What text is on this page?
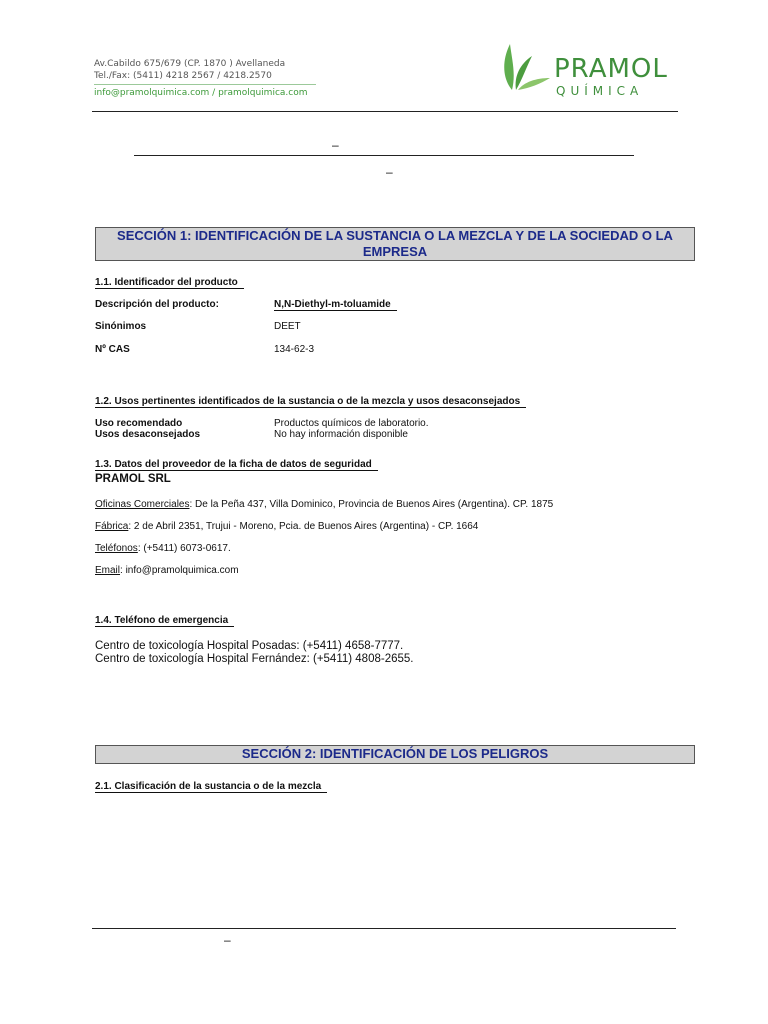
Av.Cabildo 675/679 (CP. 1870 ) Avellaneda
Tel./Fax: (5411) 4218 2567 / 4218.2570
info@pramolquimica.com / pramolquimica.com
PRAMOL
QUÍMICA
–
–
SECCIÓN 1: IDENTIFICACIÓN DE LA SUSTANCIA O LA MEZCLA Y DE LA SOCIEDAD O LA
EMPRESA
1.1. Identificador del producto
Descripción del producto:	N,N-Diethyl-m-toluamide
Sinónimos	DEET
Nº CAS	134-62-3
1.2. Usos pertinentes identificados de la sustancia o de la mezcla y usos desaconsejados
Uso recomendado	Productos químicos de laboratorio.
Usos desaconsejados	No hay información disponible
1.3. Datos del proveedor de la ficha de datos de seguridad
PRAMOL SRL
Oficinas Comerciales: De la Peña 437, Villa Dominico, Provincia de Buenos Aires (Argentina). CP. 1875
Fábrica: 2 de Abril 2351, Trujui - Moreno, Pcia. de Buenos Aires (Argentina) - CP. 1664
Teléfonos: (+5411) 6073-0617.
Email: info@pramolquimica.com
1.4. Teléfono de emergencia
Centro de toxicología Hospital Posadas: (+5411) 4658-7777.
Centro de toxicología Hospital Fernández: (+5411) 4808-2655.
SECCIÓN 2: IDENTIFICACIÓN DE LOS PELIGROS
2.1. Clasificación de la sustancia o de la mezcla
–
